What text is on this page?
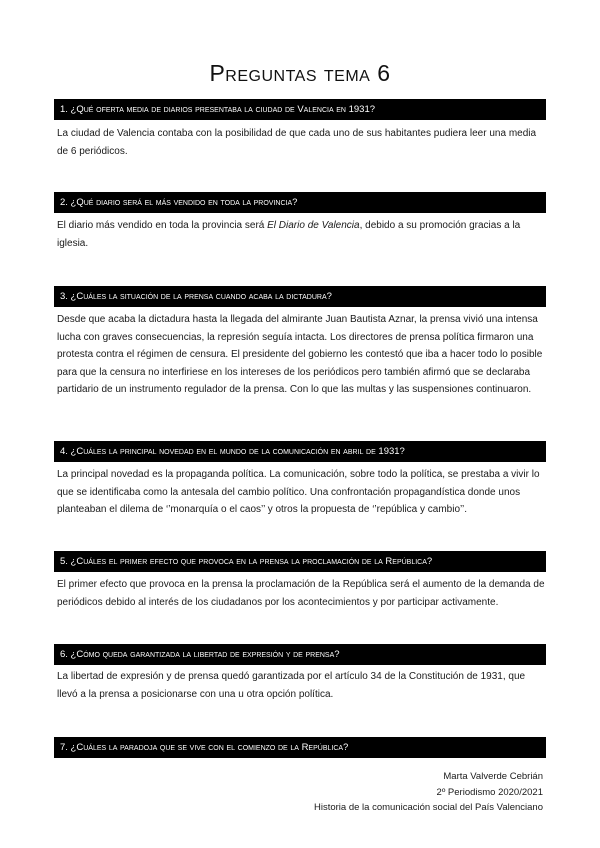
Preguntas tema 6
1. ¿Qué oferta media de diarios presentaba la ciudad de Valencia en 1931?
La ciudad de Valencia contaba con la posibilidad de que cada uno de sus habitantes pudiera leer una media de 6 periódicos.
2. ¿Qué diario será el más vendido en toda la provincia?
El diario más vendido en toda la provincia será El Diario de Valencia, debido a su promoción gracias a la iglesia.
3. ¿Cuáles la situación de la prensa cuando acaba la dictadura?
Desde que acaba la dictadura hasta la llegada del almirante Juan Bautista Aznar, la prensa vivió una intensa lucha con graves consecuencias, la represión seguía intacta. Los directores de prensa política firmaron una protesta contra el régimen de censura. El presidente del gobierno les contestó que iba a hacer todo lo posible para que la censura no interfiriese en los intereses de los periódicos pero también afirmó que se declaraba partidario de un instrumento regulador de la prensa. Con lo que las multas y las suspensiones continuaron.
4. ¿Cuáles la principal novedad en el mundo de la comunicación en abril de 1931?
La principal novedad es la propaganda política. La comunicación, sobre todo la política, se prestaba a vivir lo que se identificaba como la antesala del cambio político. Una confrontación propagandística donde unos planteaban el dilema de ‘’monarquía o el caos’’ y otros la propuesta de ‘’república y cambio’’.
5. ¿Cuáles el primer efecto que provoca en la prensa la proclamación de la República?
El primer efecto que provoca en la prensa la proclamación de la República será el aumento de la demanda de periódicos debido al interés de los ciudadanos por los acontecimientos y por participar activamente.
6. ¿Cómo queda garantizada la libertad de expresión y de prensa?
La libertad de expresión y de prensa quedó garantizada por el artículo 34 de la Constitución de 1931, que llevó a la prensa a posicionarse con una u otra opción política.
7. ¿Cuáles la paradoja que se vive con el comienzo de la República?
Marta Valverde Cebrián
2º Periodismo 2020/2021
Historia de la comunicación social del País Valenciano
